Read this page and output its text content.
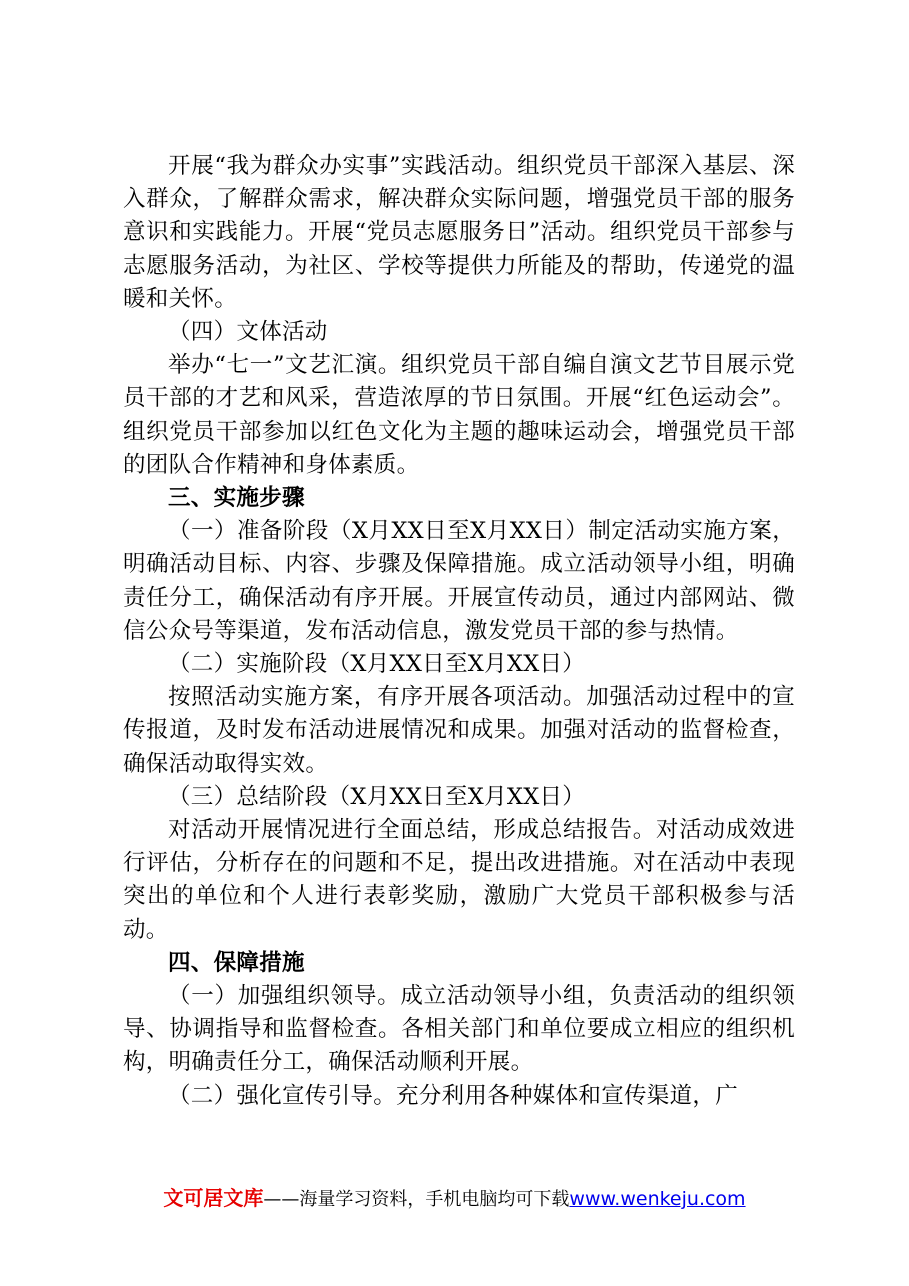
开展“我为群众办实事”实践活动。组织党员干部深入基层、深入群众，了解群众需求，解决群众实际问题，增强党员干部的服务意识和实践能力。开展“党员志愿服务日”活动。组织党员干部参与志愿服务活动，为社区、学校等提供力所能及的帮助，传递党的温暖和关怀。

（四）文体活动

举办“七一”文艺汇演。组织党员干部自编自演文艺节目展示党员干部的才艺和风采，营造浓厚的节日氛围。开展“红色运动会”。组织党员干部参加以红色文化为主题的趣味运动会，增强党员干部的团队合作精神和身体素质。

三、实施步骤

（一）准备阶段（X月XX日至X月XX日）制定活动实施方案，明确活动目标、内容、步骤及保障措施。成立活动领导小组，明确责任分工，确保活动有序开展。开展宣传动员，通过内部网站、微信公众号等渠道，发布活动信息，激发党员干部的参与热情。

（二）实施阶段（X月XX日至X月XX日）

按照活动实施方案，有序开展各项活动。加强活动过程中的宣传报道，及时发布活动进展情况和成果。加强对活动的监督检查，确保活动取得实效。

（三）总结阶段（X月XX日至X月XX日）

对活动开展情况进行全面总结，形成总结报告。对活动成效进行评估，分析存在的问题和不足，提出改进措施。对在活动中表现突出的单位和个人进行表彰奖励，激励广大党员干部积极参与活动。

四、保障措施

（一）加强组织领导。成立活动领导小组，负责活动的组织领导、协调指导和监督检查。各相关部门和单位要成立相应的组织机构，明确责任分工，确保活动顺利开展。

（二）强化宣传引导。充分利用各种媒体和宣传渠道，广

文可居文库——海量学习资料，手机电脑均可下载www.wenkeju.com
